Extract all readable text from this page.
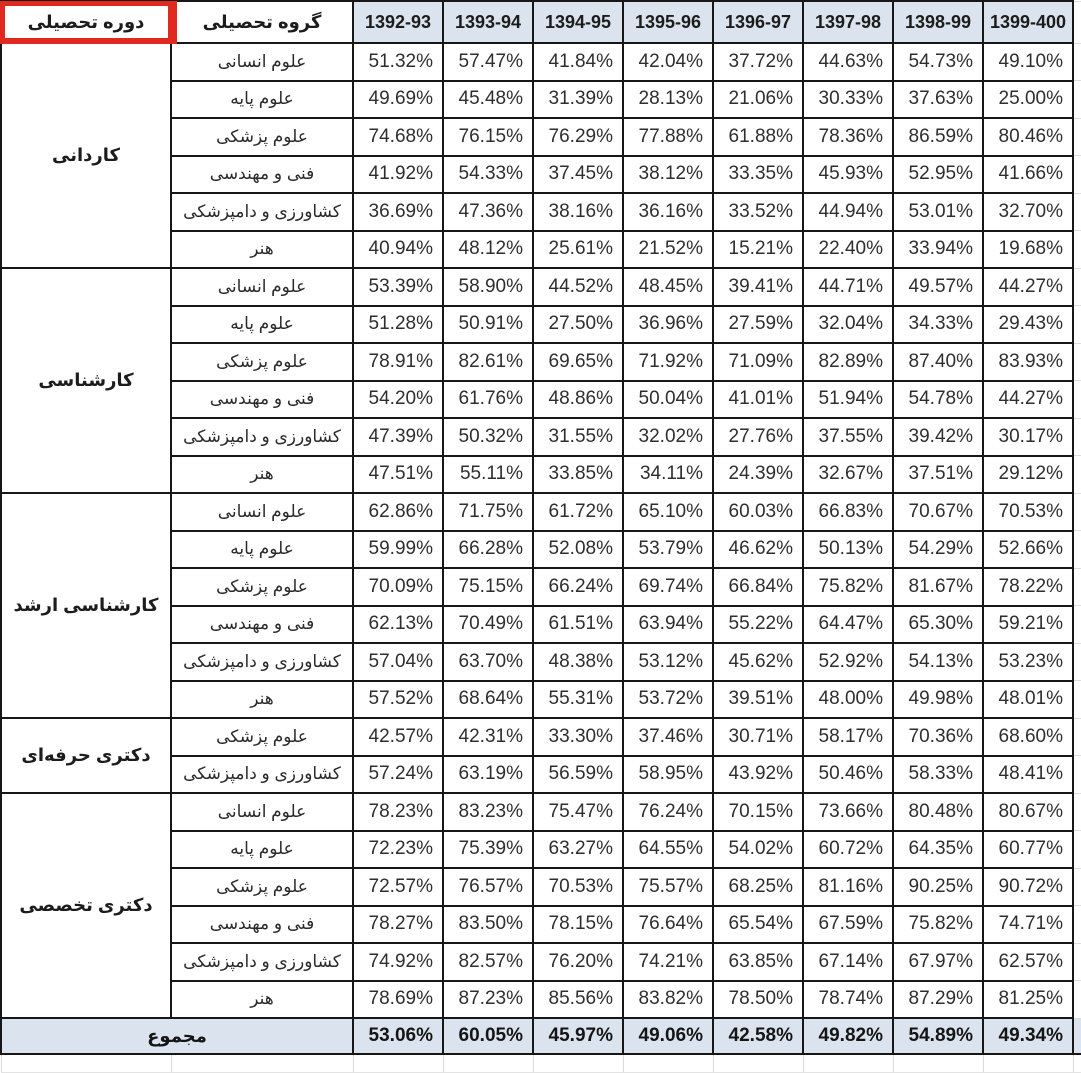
دوره تحصیلی	گروه تحصیلی	1392-93	1393-94	1394-95	1395-96	1396-97	1397-98	1398-99	1399-400	
کاردانی	علوم انسانی	51.32%	57.47%	41.84%	42.04%	37.72%	44.63%	54.73%	49.10%	
	علوم پایه	49.69%	45.48%	31.39%	28.13%	21.06%	30.33%	37.63%	25.00%	
	علوم پزشکی	74.68%	76.15%	76.29%	77.88%	61.88%	78.36%	86.59%	80.46%	
	فنی و مهندسی	41.92%	54.33%	37.45%	38.12%	33.35%	45.93%	52.95%	41.66%	
	کشاورزی و دامپزشکی	36.69%	47.36%	38.16%	36.16%	33.52%	44.94%	53.01%	32.70%	
	هنر	40.94%	48.12%	25.61%	21.52%	15.21%	22.40%	33.94%	19.68%	
کارشناسی	علوم انسانی	53.39%	58.90%	44.52%	48.45%	39.41%	44.71%	49.57%	44.27%	
	علوم پایه	51.28%	50.91%	27.50%	36.96%	27.59%	32.04%	34.33%	29.43%	
	علوم پزشکی	78.91%	82.61%	69.65%	71.92%	71.09%	82.89%	87.40%	83.93%	
	فنی و مهندسی	54.20%	61.76%	48.86%	50.04%	41.01%	51.94%	54.78%	44.27%	
	کشاورزی و دامپزشکی	47.39%	50.32%	31.55%	32.02%	27.76%	37.55%	39.42%	30.17%	
	هنر	47.51%	55.11%	33.85%	34.11%	24.39%	32.67%	37.51%	29.12%	
کارشناسی ارشد	علوم انسانی	62.86%	71.75%	61.72%	65.10%	60.03%	66.83%	70.67%	70.53%	
	علوم پایه	59.99%	66.28%	52.08%	53.79%	46.62%	50.13%	54.29%	52.66%	
	علوم پزشکی	70.09%	75.15%	66.24%	69.74%	66.84%	75.82%	81.67%	78.22%	
	فنی و مهندسی	62.13%	70.49%	61.51%	63.94%	55.22%	64.47%	65.30%	59.21%	
	کشاورزی و دامپزشکی	57.04%	63.70%	48.38%	53.12%	45.62%	52.92%	54.13%	53.23%	
	هنر	57.52%	68.64%	55.31%	53.72%	39.51%	48.00%	49.98%	48.01%	
دکتری حرفه‌ای	علوم پزشکی	42.57%	42.31%	33.30%	37.46%	30.71%	58.17%	70.36%	68.60%	
	کشاورزی و دامپزشکی	57.24%	63.19%	56.59%	58.95%	43.92%	50.46%	58.33%	48.41%	
دکتری تخصصی	علوم انسانی	78.23%	83.23%	75.47%	76.24%	70.15%	73.66%	80.48%	80.67%	
	علوم پایه	72.23%	75.39%	63.27%	64.55%	54.02%	60.72%	64.35%	60.77%	
	علوم پزشکی	72.57%	76.57%	70.53%	75.57%	68.25%	81.16%	90.25%	90.72%	
	فنی و مهندسی	78.27%	83.50%	78.15%	76.64%	65.54%	67.59%	75.82%	74.71%	
	کشاورزی و دامپزشکی	74.92%	82.57%	76.20%	74.21%	63.85%	67.14%	67.97%	62.57%	
	هنر	78.69%	87.23%	85.56%	83.82%	78.50%	78.74%	87.29%	81.25%	
مجموع		53.06%	60.05%	45.97%	49.06%	42.58%	49.82%	54.89%	49.34%	
